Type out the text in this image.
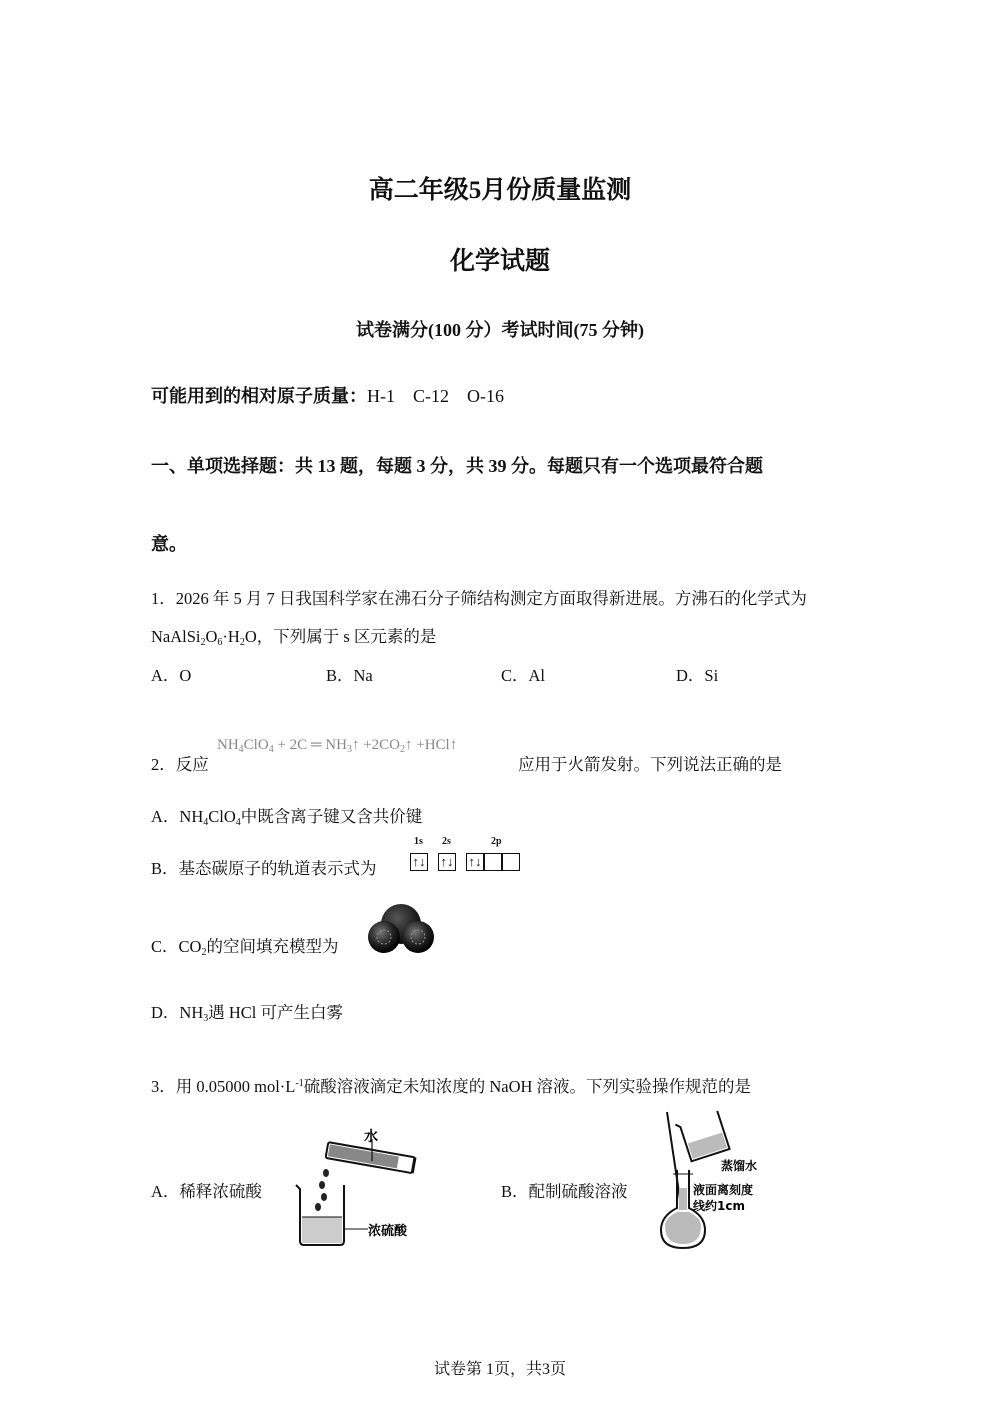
高二年级5月份质量监测
化学试题
试卷满分(100 分）考试时间(75 分钟)
可能用到的相对原子质量：H-1　C-12　O-16
一、单项选择题：共 13 题，每题 3 分，共 39 分。每题只有一个选项最符合题
意。
1．2026 年 5 月 7 日我国科学家在沸石分子筛结构测定方面取得新进展。方沸石的化学式为
$NaAlSi_2O_6\cdot H_2O$，下列属于 s 区元素的是
A．O	B．Na	C．Al	D．Si
2．反应
$NH_4ClO_4 + 2C$ ═ $NH_3↑$ $+2CO_2↑$ +HCl↑
应用于火箭发射。下列说法正确的是
A．$NH_4ClO_4$中既含离子键又含共价键
B．基态碳原子的轨道表示式为
1s 2s	2p
↑↓ ↑↓ ↑↓
C．$CO_2$的空间填充模型为
D．$NH_3$遇 HCl 可产生白雾
3．用 0.05000 $mol\cdot L^{-1}$硫酸溶液滴定未知浓度的 NaOH 溶液。下列实验操作规范的是
A．稀释浓硫酸
水
浓硫酸
B．配制硫酸溶液
蒸馏水
液面离刻度
线约1cm
试卷第 1页，共3页
